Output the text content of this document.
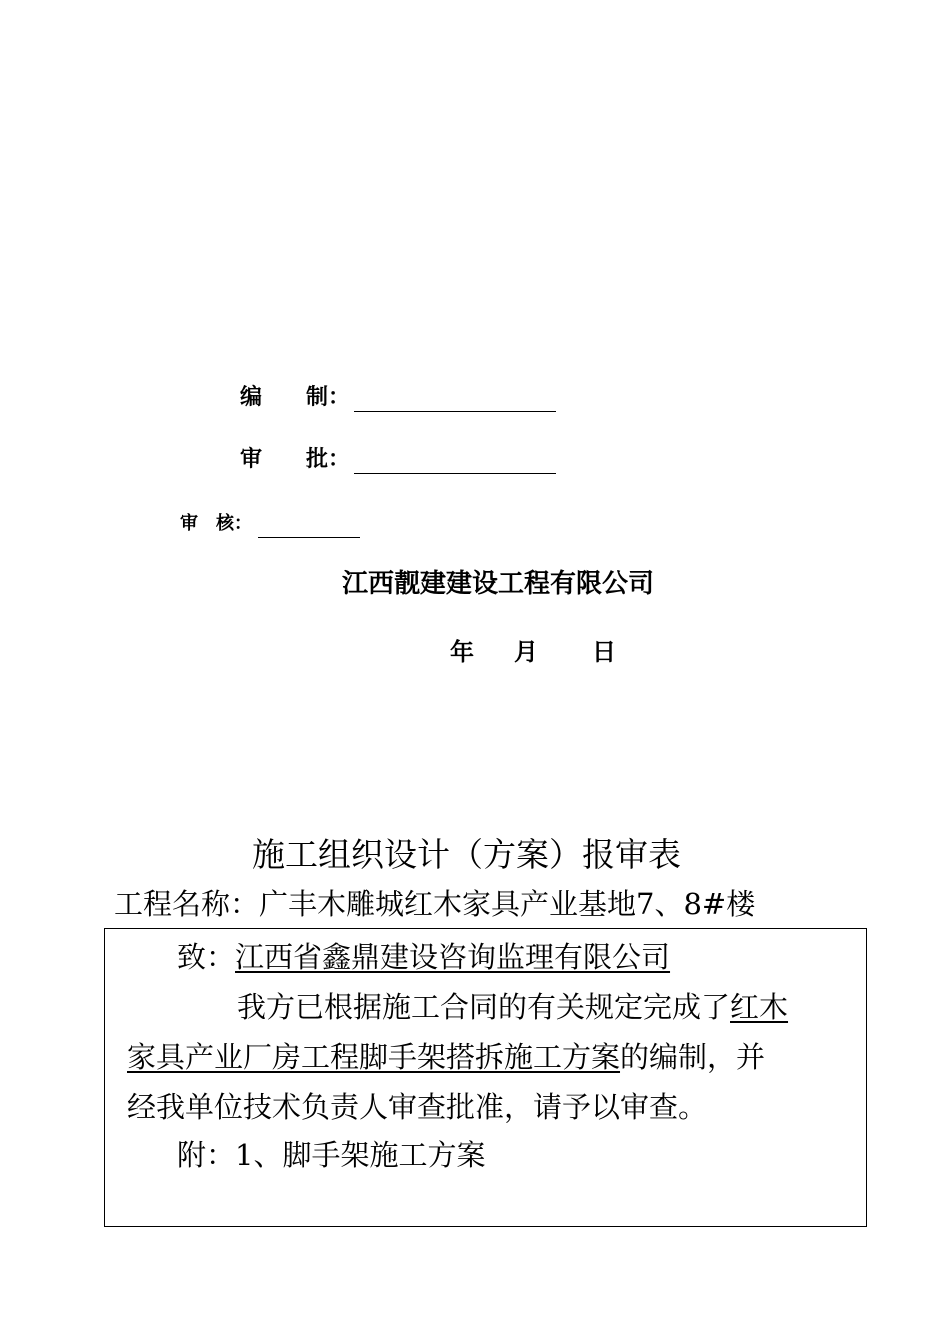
编　　制：
审　　批：
审　核：
江西靓建建设工程有限公司
年 月 日
施工组织设计（方案）报审表
工程名称：广丰木雕城红木家具产业基地7、8#楼
致：江西省鑫鼎建设咨询监理有限公司
我方已根据施工合同的有关规定完成了红木
家具产业厂房工程脚手架搭拆施工方案的编制，并
经我单位技术负责人审查批准，请予以审查。
附：1、脚手架施工方案
